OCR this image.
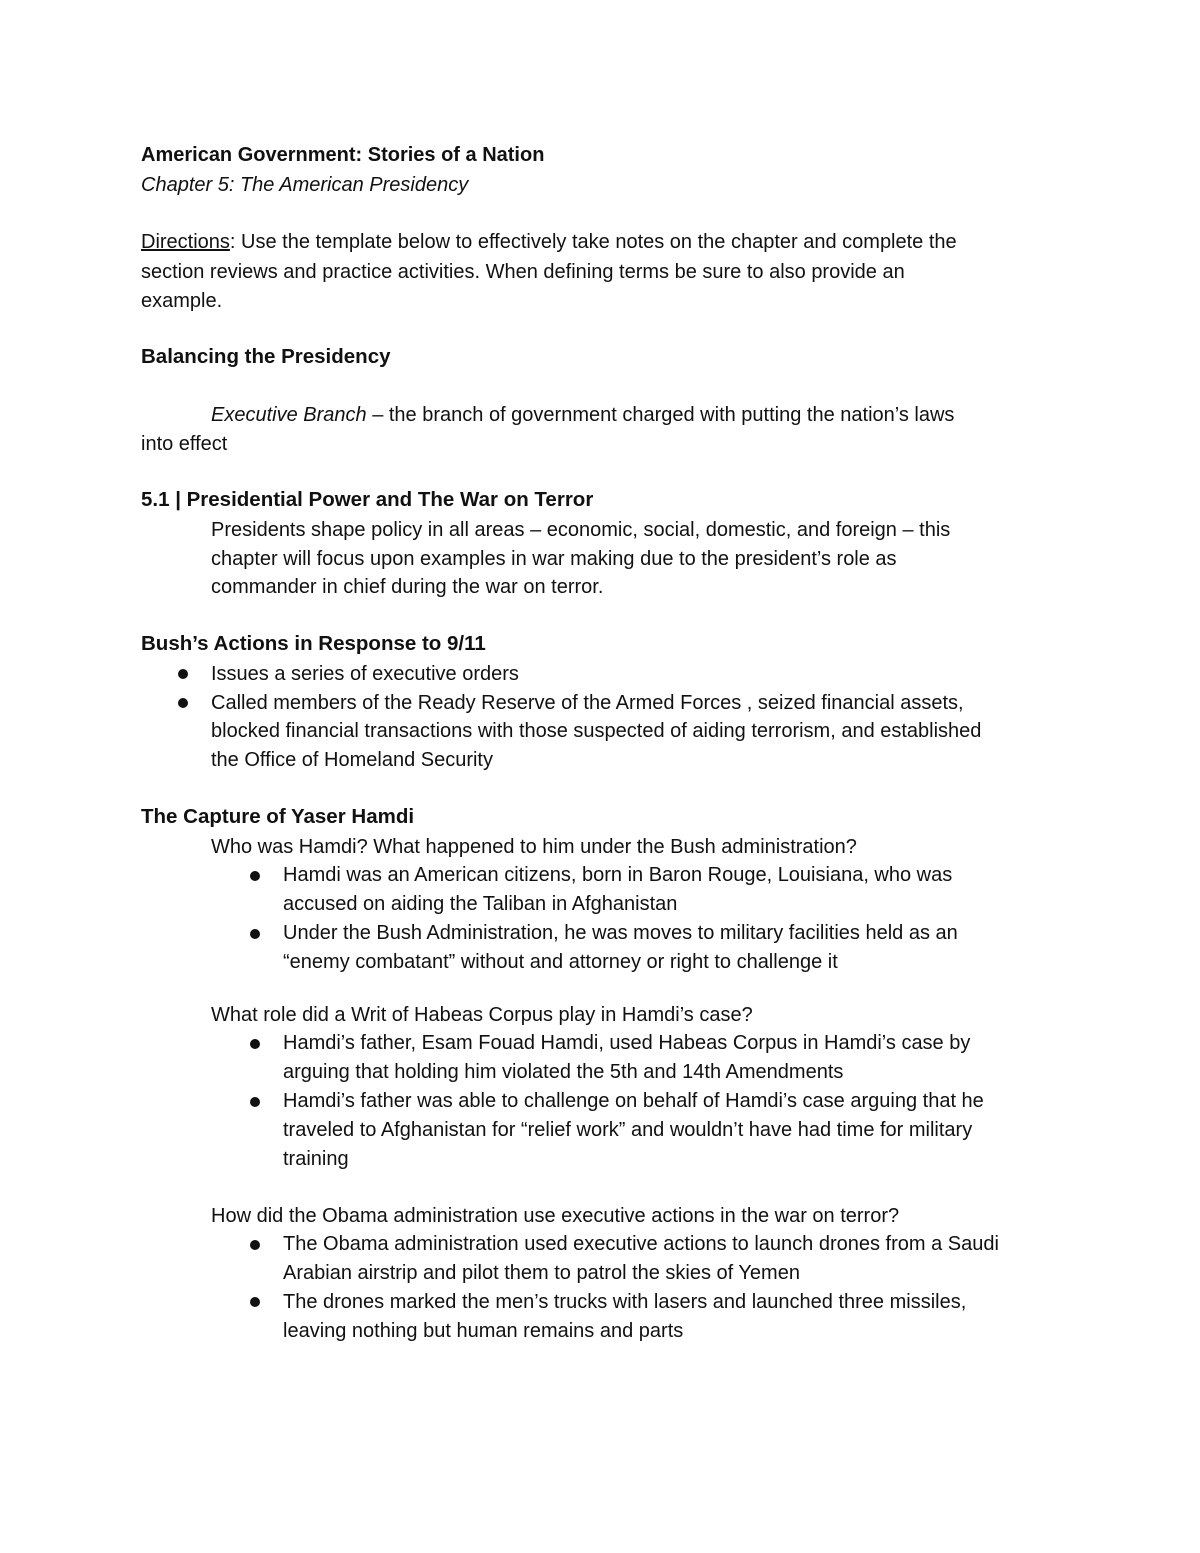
American Government: Stories of a Nation
Chapter 5: The American Presidency
Directions: Use the template below to effectively take notes on the chapter and complete the
section reviews and practice activities. When defining terms be sure to also provide an
example.
Balancing the Presidency
Executive Branch – the branch of government charged with putting the nation’s laws
into effect
5.1 | Presidential Power and The War on Terror
Presidents shape policy in all areas – economic, social, domestic, and foreign – this
chapter will focus upon examples in war making due to the president’s role as
commander in chief during the war on terror.
Bush’s Actions in Response to 9/11
Issues a series of executive orders
Called members of the Ready Reserve of the Armed Forces , seized financial assets,
blocked financial transactions with those suspected of aiding terrorism, and established
the Office of Homeland Security
The Capture of Yaser Hamdi
Who was Hamdi? What happened to him under the Bush administration?
Hamdi was an American citizens, born in Baron Rouge, Louisiana, who was
accused on aiding the Taliban in Afghanistan
Under the Bush Administration, he was moves to military facilities held as an
“enemy combatant” without and attorney or right to challenge it
What role did a Writ of Habeas Corpus play in Hamdi’s case?
Hamdi’s father, Esam Fouad Hamdi, used Habeas Corpus in Hamdi’s case by
arguing that holding him violated the 5th and 14th Amendments
Hamdi’s father was able to challenge on behalf of Hamdi’s case arguing that he
traveled to Afghanistan for “relief work” and wouldn’t have had time for military
training
How did the Obama administration use executive actions in the war on terror?
The Obama administration used executive actions to launch drones from a Saudi
Arabian airstrip and pilot them to patrol the skies of Yemen
The drones marked the men’s trucks with lasers and launched three missiles,
leaving nothing but human remains and parts
